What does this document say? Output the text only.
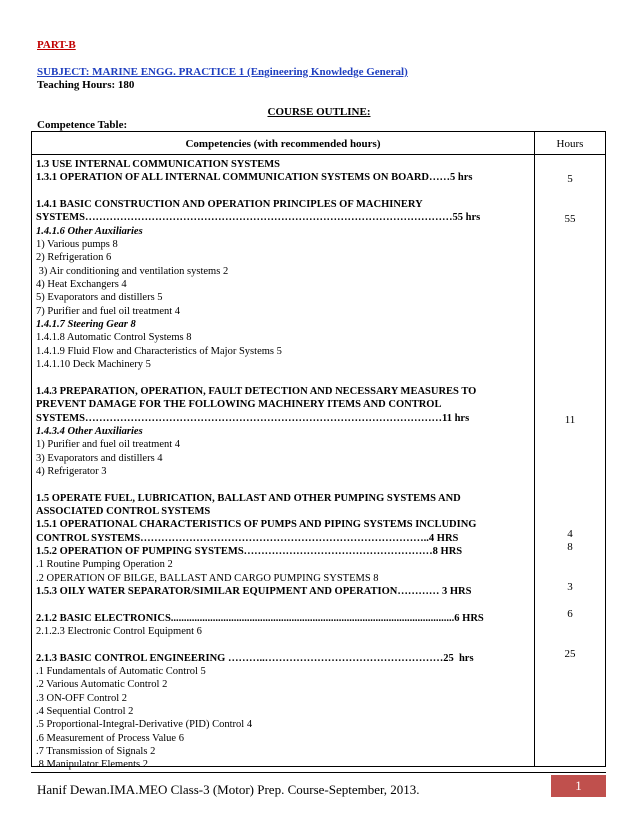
PART-B
SUBJECT: MARINE ENGG. PRACTICE 1 (Engineering Knowledge General)
Teaching Hours: 180
COURSE OUTLINE:
Competence Table:
Competencies (with recommended hours)	Hours
1.3 USE INTERNAL COMMUNICATION SYSTEMS
1.3.1 OPERATION OF ALL INTERNAL COMMUNICATION SYSTEMS ON BOARD……5 hrs
1.4.1 BASIC CONSTRUCTION AND OPERATION PRINCIPLES OF MACHINERY
SYSTEMS……………………………………………………………………………………………55 hrs
1.4.1.6 Other Auxiliaries
1) Various pumps 8
2) Refrigeration 6
3) Air conditioning and ventilation systems 2
4) Heat Exchangers 4
5) Evaporators and distillers 5
7) Purifier and fuel oil treatment 4
1.4.1.7 Steering Gear 8
1.4.1.8 Automatic Control Systems 8
1.4.1.9 Fluid Flow and Characteristics of Major Systems 5
1.4.1.10 Deck Machinery 5
1.4.3 PREPARATION, OPERATION, FAULT DETECTION AND NECESSARY MEASURES TO
PREVENT DAMAGE FOR THE FOLLOWING MACHINERY ITEMS AND CONTROL
SYSTEMS…………………………………………………………………………………………11 hrs
1.4.3.4 Other Auxiliaries
1) Purifier and fuel oil treatment 4
3) Evaporators and distillers 4
4) Refrigerator 3
1.5 OPERATE FUEL, LUBRICATION, BALLAST AND OTHER PUMPING SYSTEMS AND
ASSOCIATED CONTROL SYSTEMS
1.5.1 OPERATIONAL CHARACTERISTICS OF PUMPS AND PIPING SYSTEMS INCLUDING
CONTROL SYSTEMS………………………………………………………………………..4 HRS
1.5.2 OPERATION OF PUMPING SYSTEMS………………………………………………8 HRS
.1 Routine Pumping Operation 2
.2 OPERATION OF BILGE, BALLAST AND CARGO PUMPING SYSTEMS 8
1.5.3 OILY WATER SEPARATOR/SIMILAR EQUIPMENT AND OPERATION………… 3 HRS
2.1.2 BASIC ELECTRONICS............................................................................................................6 HRS
2.1.2.3 Electronic Control Equipment 6
2.1.3 BASIC CONTROL ENGINEERING ………..……………………………………………25  hrs
.1 Fundamentals of Automatic Control 5
.2 Various Automatic Control 2
.3 ON-OFF Control 2
.4 Sequential Control 2
.5 Proportional-Integral-Derivative (PID) Control 4
.6 Measurement of Process Value 6
.7 Transmission of Signals 2
.8 Manipulator Elements 2
5
55
11
4
8
3
6
25
Hanif Dewan.IMA.MEO Class-3 (Motor) Prep. Course-September, 2013.	1
